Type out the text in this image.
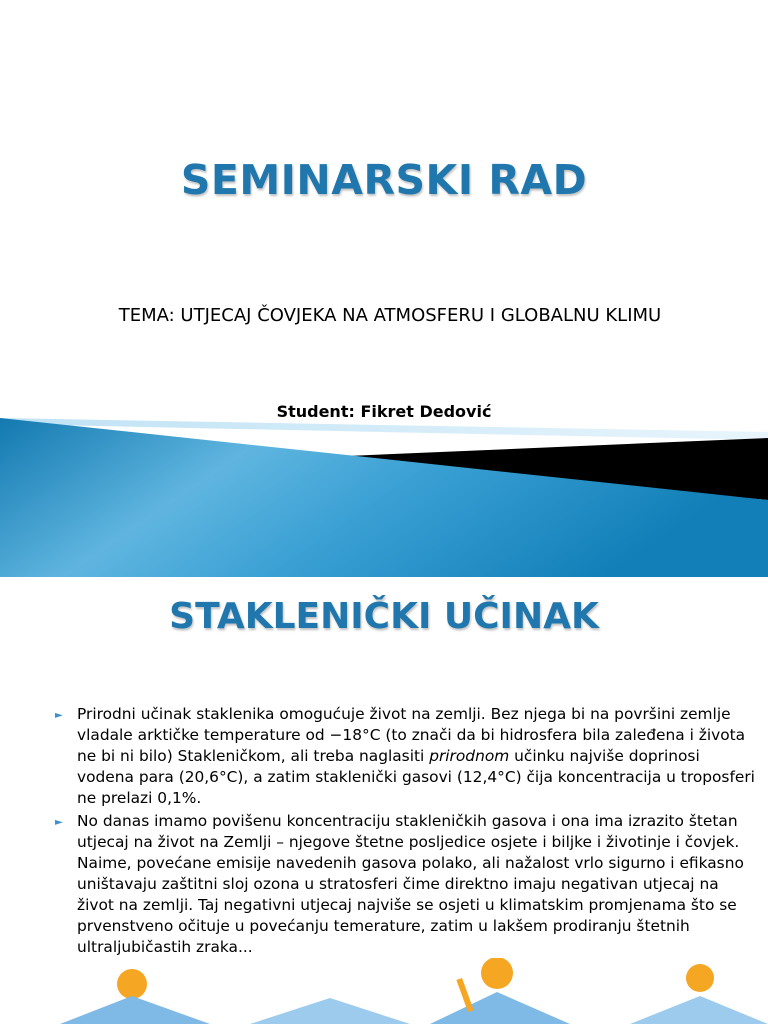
SEMINARSKI RAD

TEMA: UTJECAJ ČOVJEKA NA ATMOSFERU I GLOBALNU KLIMU

Student: Fikret Dedović
STAKLENIČKI UČINAK
► Prirodni učinak staklenika omogućuje život na zemlji. Bez njega bi na površini zemlje vladale arktičke temperature od −18°C (to znači da bi hidrosfera bila zaleđena i života ne bi ni bilo) Stakleničkom, ali treba naglasiti prirodnom učinku najviše doprinosi vodena para (20,6°C), a zatim staklenički gasovi (12,4°C) čija koncentracija u troposferi ne prelazi 0,1%.
► No danas imamo povišenu koncentraciju stakleničkih gasova i ona ima izrazito štetan utjecaj na život na Zemlji – njegove štetne posljedice osjete i biljke i životinje i čovjek. Naime, povećane emisije navedenih gasova polako, ali nažalost vrlo sigurno i efikasno uništavaju zaštitni sloj ozona u stratosferi čime direktno imaju negativan utjecaj na život na zemlji. Taj negativni utjecaj najviše se osjeti u klimatskim promjenama što se prvenstveno očituje u povećanju temerature, zatim u lakšem prodiranju štetnih ultraljubičastih zraka...
